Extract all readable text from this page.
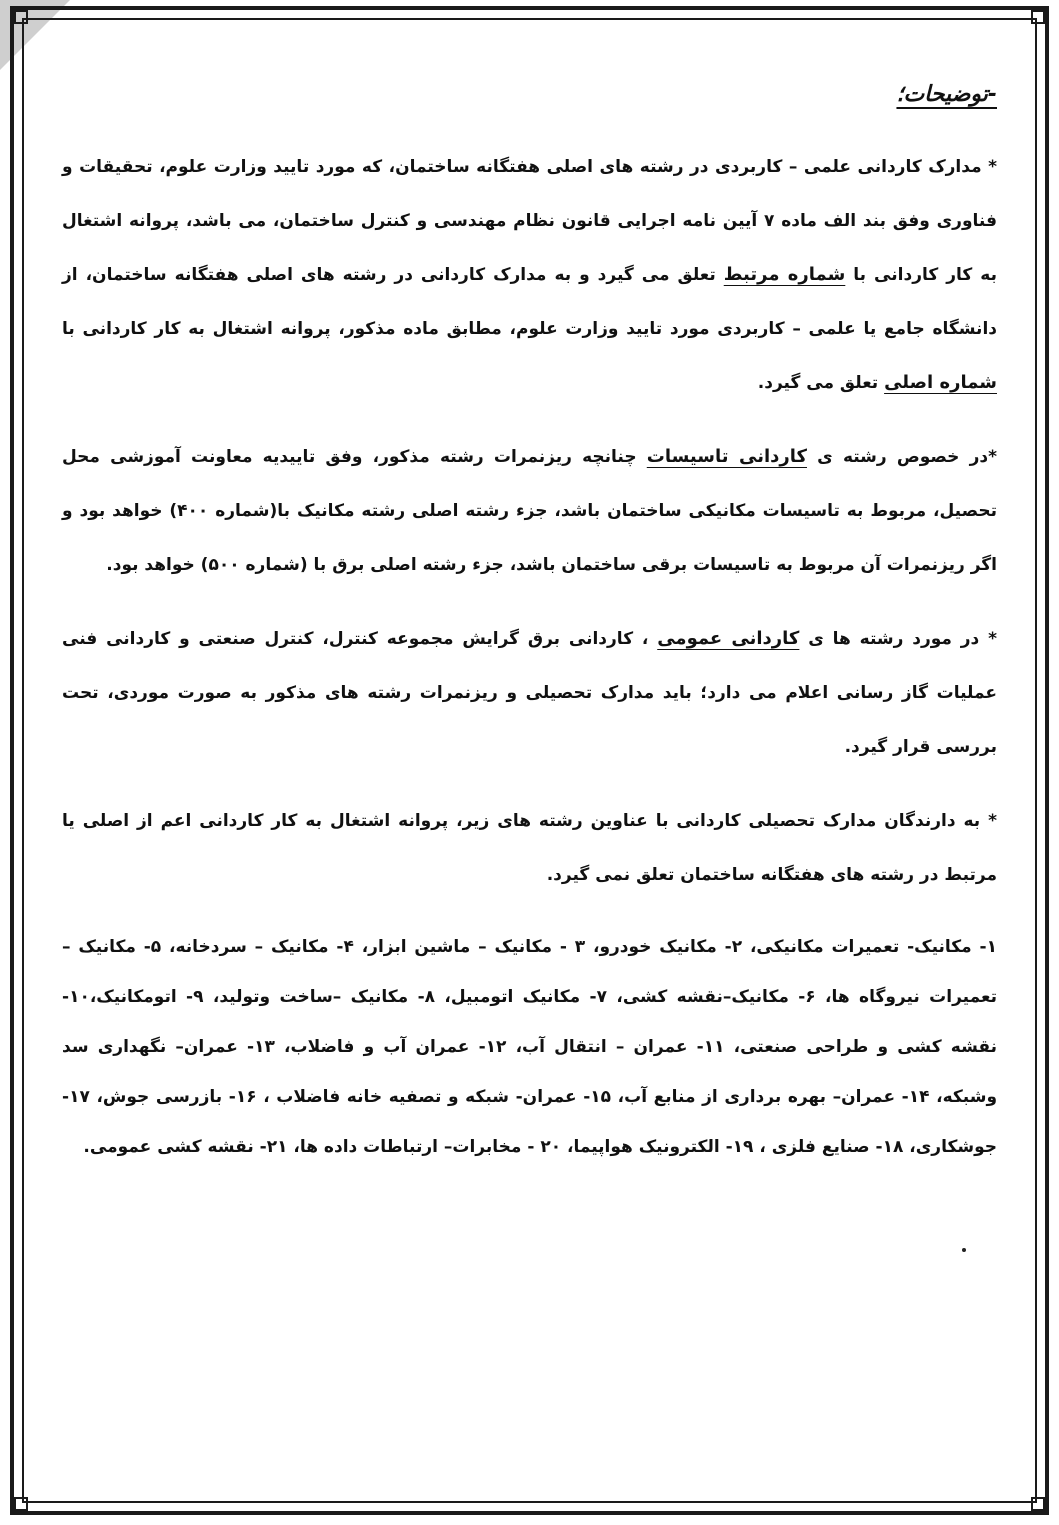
-توضیحات؛

* مدارک کاردانی علمی – کاربردی در رشته های اصلی هفتگانه ساختمان، که مورد تایید وزارت علوم، تحقیقات و فناوری وفق بند الف ماده ۷ آیین نامه اجرایی قانون نظام مهندسی و کنترل ساختمان، می باشد، پروانه اشتغال به کار کاردانی با شماره مرتبط تعلق می گیرد و به مدارک کاردانی در رشته های اصلی هفتگانه ساختمان، از دانشگاه جامع یا علمی – کاربردی مورد تایید وزارت علوم، مطابق ماده مذکور، پروانه اشتغال به کار کاردانی با شماره اصلی تعلق می گیرد.

*در خصوص رشته ی کاردانی تاسیسات چنانچه ریزنمرات رشته مذکور، وفق تاییدیه معاونت آموزشی محل تحصیل، مربوط به تاسیسات مکانیکی ساختمان باشد، جزء رشته اصلی رشته مکانیک با(شماره ۴۰۰) خواهد بود و اگر ریزنمرات آن مربوط به تاسیسات برقی ساختمان باشد، جزء رشته اصلی برق با (شماره ۵۰۰) خواهد بود.

* در مورد رشته ها ی کاردانی عمومی ، کاردانی برق گرایش مجموعه کنترل، کنترل صنعتی و کاردانی فنی عملیات گاز رسانی اعلام می دارد؛ باید مدارک تحصیلی و ریزنمرات رشته های مذکور به صورت موردی، تحت بررسی قرار گیرد.

* به دارندگان مدارک تحصیلی کاردانی با عناوین رشته های زیر، پروانه اشتغال به کار کاردانی اعم از اصلی یا مرتبط در رشته های هفتگانه ساختمان تعلق نمی گیرد.

۱- مکانیک- تعمیرات مکانیکی، ۲- مکانیک خودرو، ۳ - مکانیک – ماشین ابزار، ۴- مکانیک – سردخانه، ۵- مکانیک – تعمیرات نیروگاه ها، ۶- مکانیک–نقشه کشی، ۷- مکانیک اتومبیل، ۸- مکانیک –ساخت وتولید، ۹- اتومکانیک،۱۰- نقشه کشی و طراحی صنعتی، ۱۱- عمران – انتقال آب، ۱۲- عمران آب و فاضلاب، ۱۳- عمران– نگهداری سد وشبکه، ۱۴- عمران– بهره برداری از منابع آب، ۱۵- عمران- شبکه و تصفیه خانه فاضلاب ، ۱۶- بازرسی جوش، ۱۷- جوشکاری، ۱۸- صنایع فلزی ، ۱۹- الکترونیک هواپیما، ۲۰ - مخابرات– ارتباطات داده ها، ۲۱- نقشه کشی عمومی.
